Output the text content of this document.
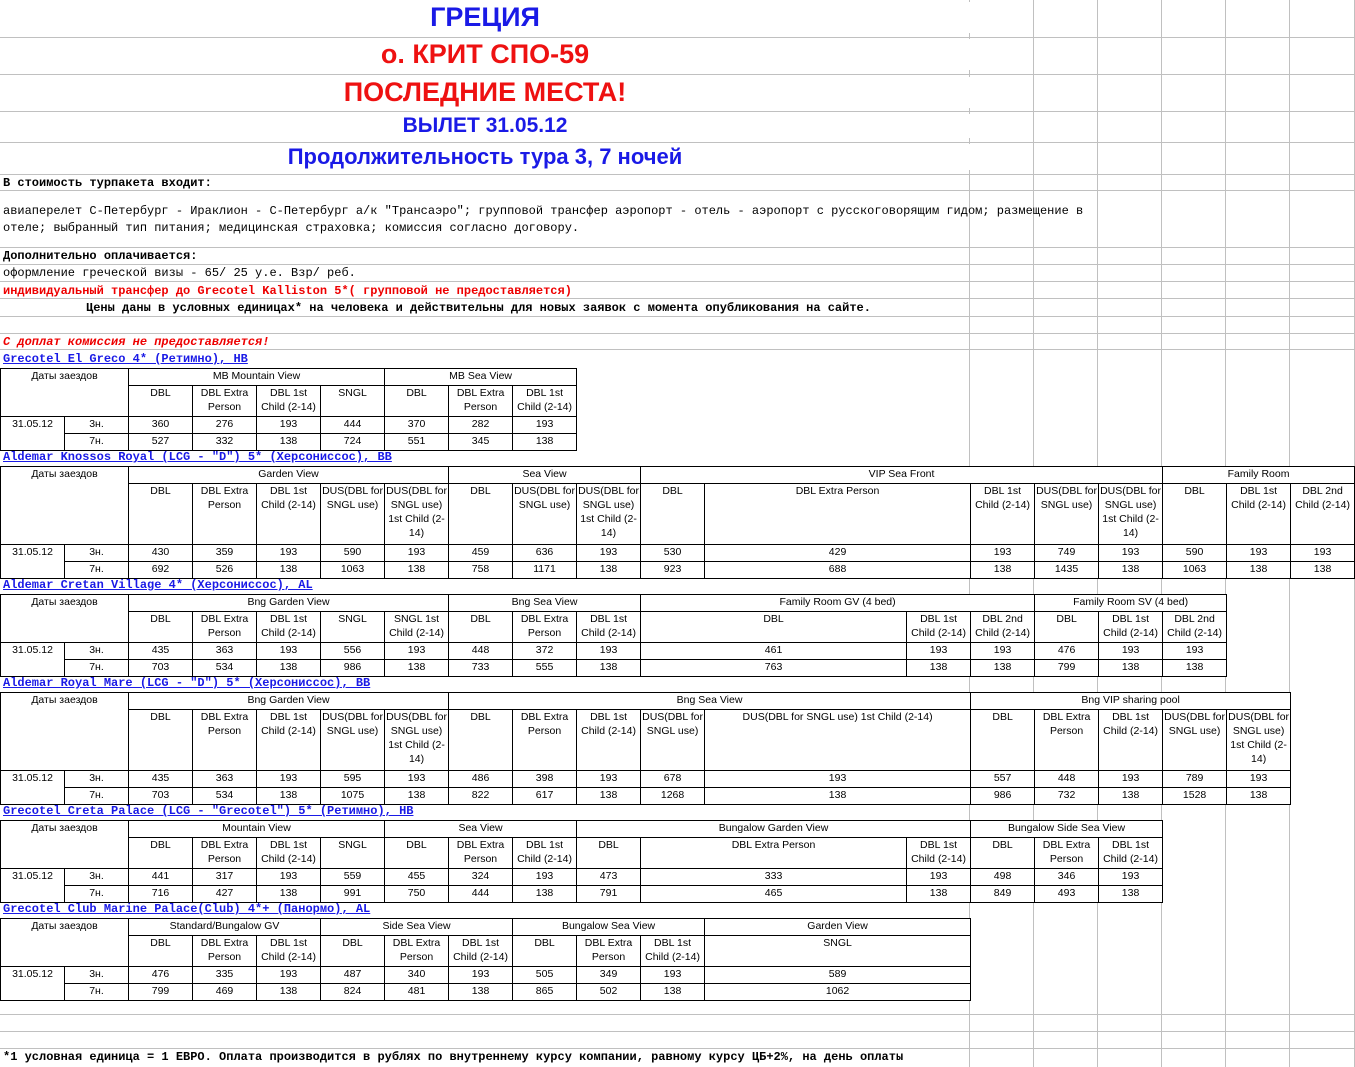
ГРЕЦИЯ
о. КРИТ СПО-59
ПОСЛЕДНИЕ МЕСТА!
ВЫЛЕТ 31.05.12
Продолжительность тура 3, 7 ночей
В стоимость турпакета входит:
авиаперелет С-Петербург - Ираклион - С-Петербург а/к "Трансаэро"; групповой трансфер аэропорт - отель - аэропорт с русскоговорящим гидом; размещение в
отеле; выбранный тип питания; медицинская страховка; комиссия согласно договору.
Дополнительно оплачивается:
оформление греческой визы - 65/ 25 у.е. Взр/ реб.
индивидуальный трансфер до Grecotel Kalliston 5*( групповой не предоставляется)
Цены даны в условных единицах* на человека и действительны для новых заявок с момента опубликования на сайте.
С доплат комиссия не предоставляется!
Grecotel El Greco 4* (Ретимно), HB
Даты заездов		MB Mountain View				MB Sea View		
		DBL	DBL Extra Person	DBL 1st Child (2-14)	SNGL	DBL	DBL Extra Person	DBL 1st Child (2-14)
31.05.12	3н.	360	276	193	444	370	282	193
	7н.	527	332	138	724	551	345	138
Aldemar Knossos Royal (LCG - "D") 5* (Херсониссос), BB
Даты заездов		Garden View					Sea View			VIP Sea Front					Family Room		
		DBL	DBL Extra Person	DBL 1st Child (2-14)	DUS(DBL for SNGL use)	DUS(DBL for SNGL use) 1st Child (2-14)	DBL	DUS(DBL for SNGL use)	DUS(DBL for SNGL use) 1st Child (2-14)	DBL	DBL Extra Person	DBL 1st Child (2-14)	DUS(DBL for SNGL use)	DUS(DBL for SNGL use) 1st Child (2-14)	DBL	DBL 1st Child (2-14)	DBL 2nd Child (2-14)
31.05.12	3н.	430	359	193	590	193	459	636	193	530	429	193	749	193	590	193	193
	7н.	692	526	138	1063	138	758	1171	138	923	688	138	1435	138	1063	138	138
Aldemar Cretan Village 4* (Херсониссос), AL
Даты заездов		Bng Garden View					Bng Sea View			Family Room GV (4 bed)			Family Room SV (4 bed)		
		DBL	DBL Extra Person	DBL 1st Child (2-14)	SNGL	SNGL 1st Child (2-14)	DBL	DBL Extra Person	DBL 1st Child (2-14)	DBL	DBL 1st Child (2-14)	DBL 2nd Child (2-14)	DBL	DBL 1st Child (2-14)	DBL 2nd Child (2-14)
31.05.12	3н.	435	363	193	556	193	448	372	193	461	193	193	476	193	193
	7н.	703	534	138	986	138	733	555	138	763	138	138	799	138	138
Aldemar Royal Mare (LCG - "D") 5* (Херсониссос), BB
Даты заездов		Bng Garden View					Bng Sea View					Bng VIP sharing pool				
		DBL	DBL Extra Person	DBL 1st Child (2-14)	DUS(DBL for SNGL use)	DUS(DBL for SNGL use) 1st Child (2-14)	DBL	DBL Extra Person	DBL 1st Child (2-14)	DUS(DBL for SNGL use)	DUS(DBL for SNGL use) 1st Child (2-14)	DBL	DBL Extra Person	DBL 1st Child (2-14)	DUS(DBL for SNGL use)	DUS(DBL for SNGL use) 1st Child (2-14)
31.05.12	3н.	435	363	193	595	193	486	398	193	678	193	557	448	193	789	193
	7н.	703	534	138	1075	138	822	617	138	1268	138	986	732	138	1528	138
Grecotel Creta Palace (LCG - "Grecotel") 5* (Ретимно), HB
Даты заездов		Mountain View				Sea View			Bungalow Garden View			Bungalow Side Sea View		
		DBL	DBL Extra Person	DBL 1st Child (2-14)	SNGL	DBL	DBL Extra Person	DBL 1st Child (2-14)	DBL	DBL Extra Person	DBL 1st Child (2-14)	DBL	DBL Extra Person	DBL 1st Child (2-14)
31.05.12	3н.	441	317	193	559	455	324	193	473	333	193	498	346	193
	7н.	716	427	138	991	750	444	138	791	465	138	849	493	138
Grecotel Club Marine Palace(Club) 4*+ (Панормо), AL
Даты заездов		Standard/Bungalow GV			Side Sea View			Bungalow Sea View			Garden View
		DBL	DBL Extra Person	DBL 1st Child (2-14)	DBL	DBL Extra Person	DBL 1st Child (2-14)	DBL	DBL Extra Person	DBL 1st Child (2-14)	SNGL
31.05.12	3н.	476	335	193	487	340	193	505	349	193	589
	7н.	799	469	138	824	481	138	865	502	138	1062
*1 условная единица = 1 ЕВРО. Оплата производится в рублях по внутреннему курсу компании, равному курсу ЦБ+2%, на день оплаты
